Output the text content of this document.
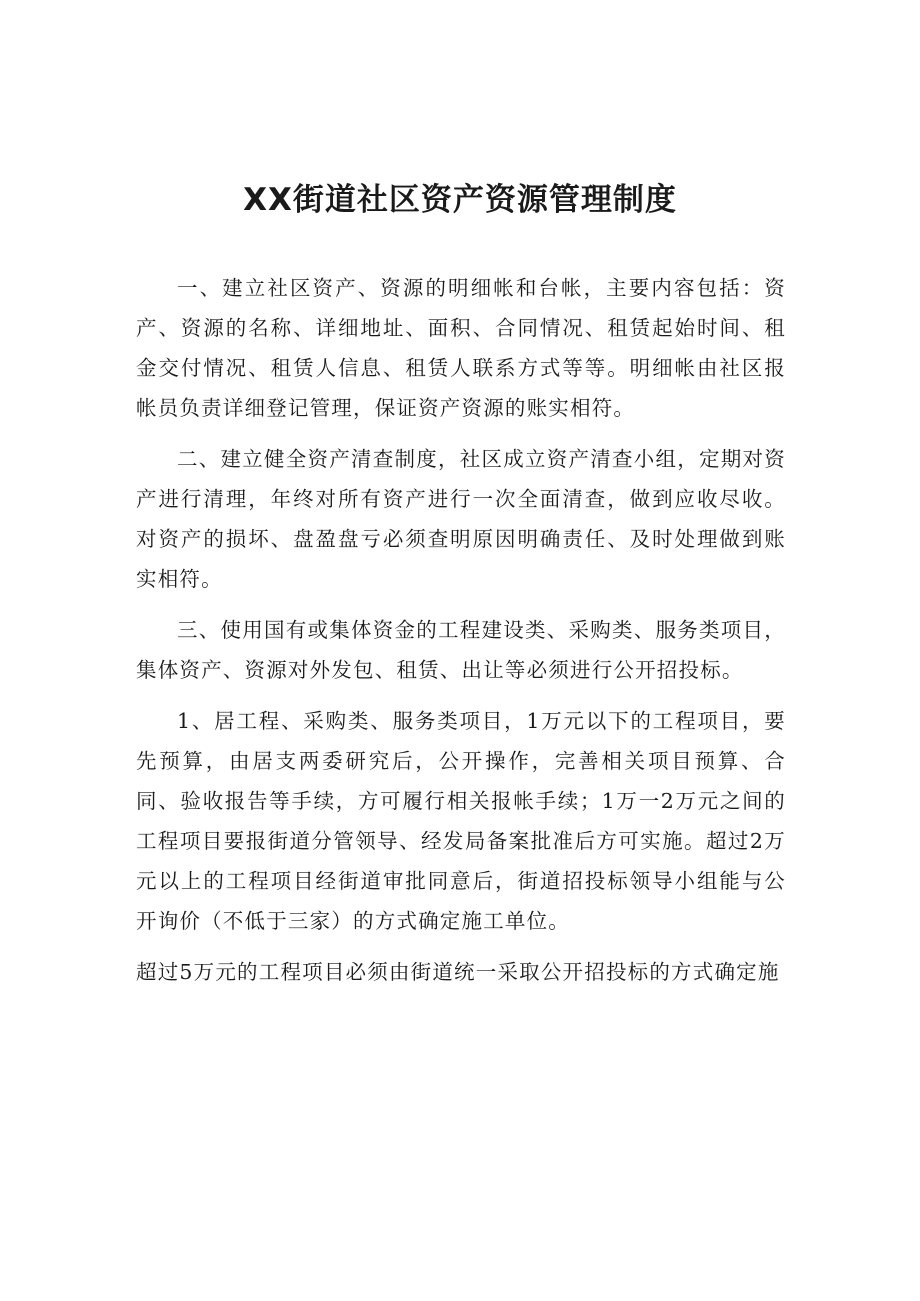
XX街道社区资产资源管理制度

一、建立社区资产、资源的明细帐和台帐，主要内容包括：资产、资源的名称、详细地址、面积、合同情况、租赁起始时间、租金交付情况、租赁人信息、租赁人联系方式等等。明细帐由社区报帐员负责详细登记管理，保证资产资源的账实相符。

二、建立健全资产清查制度，社区成立资产清查小组，定期对资产进行清理，年终对所有资产进行一次全面清查，做到应收尽收。对资产的损坏、盘盈盘亏必须查明原因明确责任、及时处理做到账实相符。

三、使用国有或集体资金的工程建设类、采购类、服务类项目，集体资产、资源对外发包、租赁、出让等必须进行公开招投标。

1、居工程、采购类、服务类项目，1万元以下的工程项目，要先预算，由居支两委研究后，公开操作，完善相关项目预算、合同、验收报告等手续，方可履行相关报帐手续；1万一2万元之间的工程项目要报街道分管领导、经发局备案批准后方可实施。超过2万元以上的工程项目经街道审批同意后，街道招投标领导小组能与公开询价（不低于三家）的方式确定施工单位。

超过5万元的工程项目必须由街道统一采取公开招投标的方式确定施
